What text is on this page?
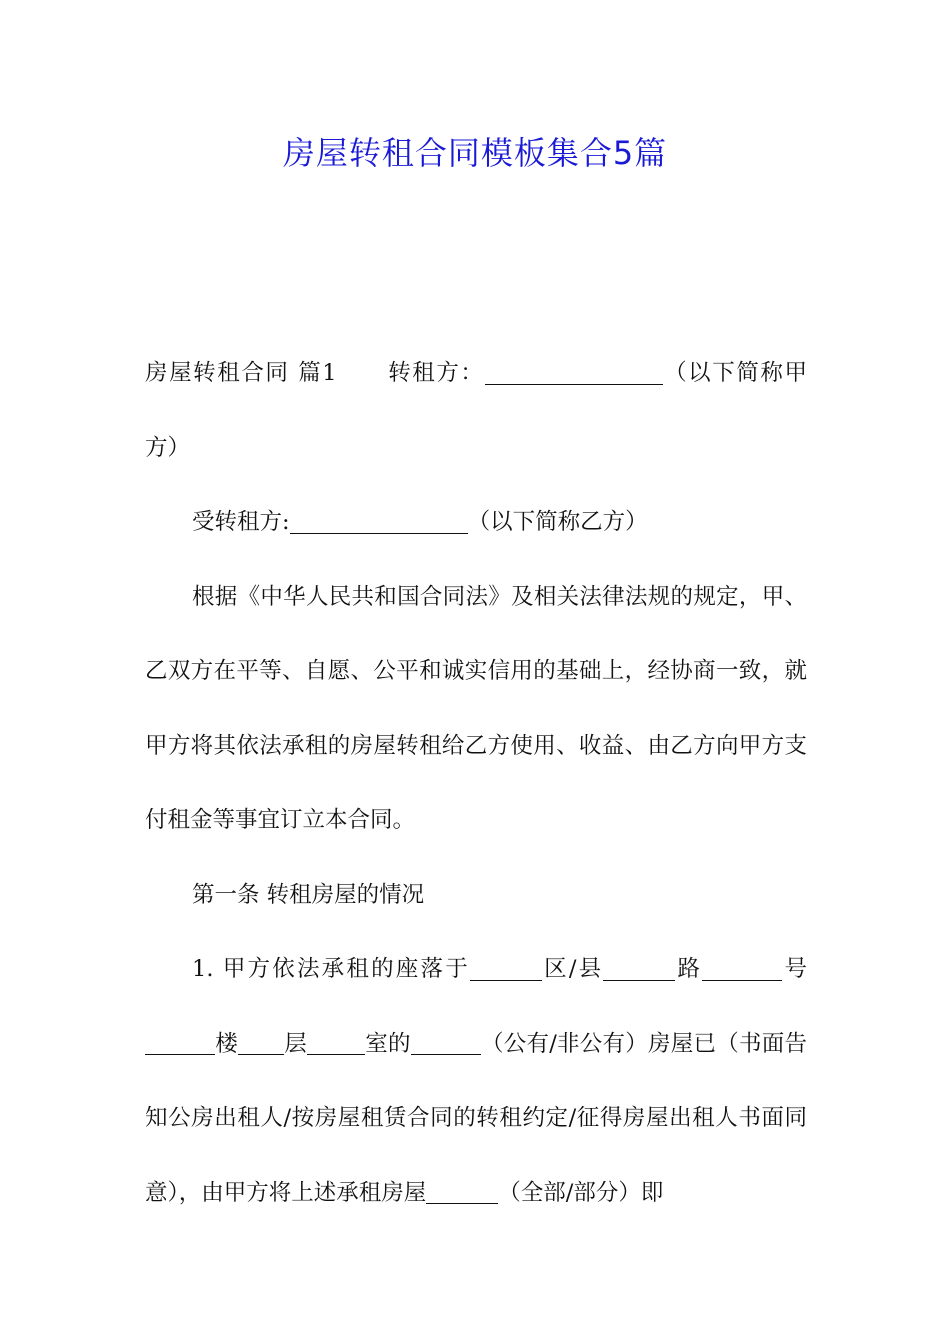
房屋转租合同模板集合5篇

房屋转租合同 篇1 转租方：	（以下简称甲方）

受转租方:	（以下简称乙方）

根据《中华人民共和国合同法》及相关法律法规的规定，甲、乙双方在平等、自愿、公平和诚实信用的基础上，经协商一致，就甲方将其依法承租的房屋转租给乙方使用、收益、由乙方向甲方支付租金等事宜订立本合同。

第一条 转租房屋的情况

1. 甲方依法承租的座落于	区/县	路	号楼 层	室的	（公有/非公有）房屋已（书面告知公房出租人/按房屋租赁合同的转租约定/征得房屋出租人书面同意），由甲方将上述承租房屋	（全部/部分）即
